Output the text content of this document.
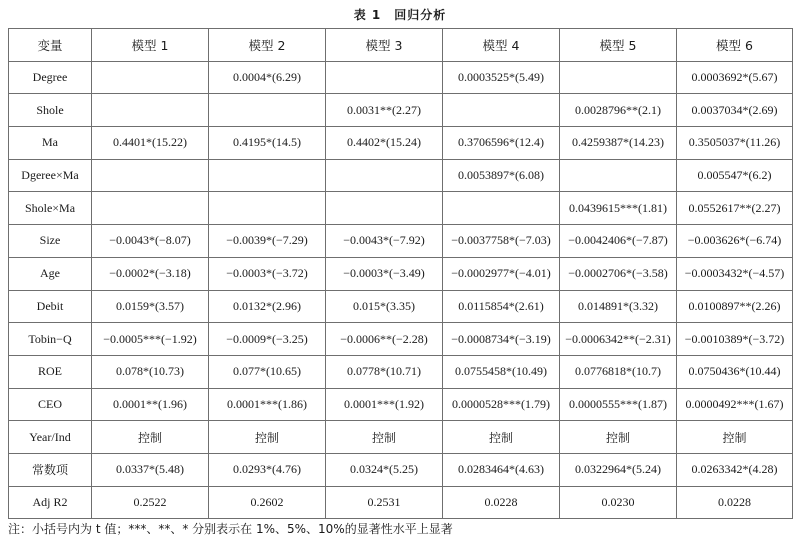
表 1　回归分析
变量	模型 1	模型 2	模型 3	模型 4	模型 5	模型 6
Degree		0.0004*(6.29)		0.0003525*(5.49)		0.0003692*(5.67)
Shole			0.0031**(2.27)		0.0028796**(2.1)	0.0037034*(2.69)
Ma	0.4401*(15.22)	0.4195*(14.5)	0.4402*(15.24)	0.3706596*(12.4)	0.4259387*(14.23)	0.3505037*(11.26)
Dgeree×Ma				0.0053897*(6.08)		0.005547*(6.2)
Shole×Ma					0.0439615***(1.81)	0.0552617**(2.27)
Size	−0.0043*(−8.07)	−0.0039*(−7.29)	−0.0043*(−7.92)	−0.0037758*(−7.03)	−0.0042406*(−7.87)	−0.003626*(−6.74)
Age	−0.0002*(−3.18)	−0.0003*(−3.72)	−0.0003*(−3.49)	−0.0002977*(−4.01)	−0.0002706*(−3.58)	−0.0003432*(−4.57)
Debit	0.0159*(3.57)	0.0132*(2.96)	0.015*(3.35)	0.0115854*(2.61)	0.014891*(3.32)	0.0100897**(2.26)
Tobin−Q	−0.0005***(−1.92)	−0.0009*(−3.25)	−0.0006**(−2.28)	−0.0008734*(−3.19)	−0.0006342**(−2.31)	−0.0010389*(−3.72)
ROE	0.078*(10.73)	0.077*(10.65)	0.0778*(10.71)	0.0755458*(10.49)	0.0776818*(10.7)	0.0750436*(10.44)
CEO	0.0001**(1.96)	0.0001***(1.86)	0.0001***(1.92)	0.0000528***(1.79)	0.0000555***(1.87)	0.0000492***(1.67)
Year/Ind	控制	控制	控制	控制	控制	控制
常数项	0.0337*(5.48)	0.0293*(4.76)	0.0324*(5.25)	0.0283464*(4.63)	0.0322964*(5.24)	0.0263342*(4.28)
Adj R2	0.2522	0.2602	0.2531	0.0228	0.0230	0.0228
注：小括号内为 t 值；***、**、* 分别表示在 1%、5%、10%的显著性水平上显著
